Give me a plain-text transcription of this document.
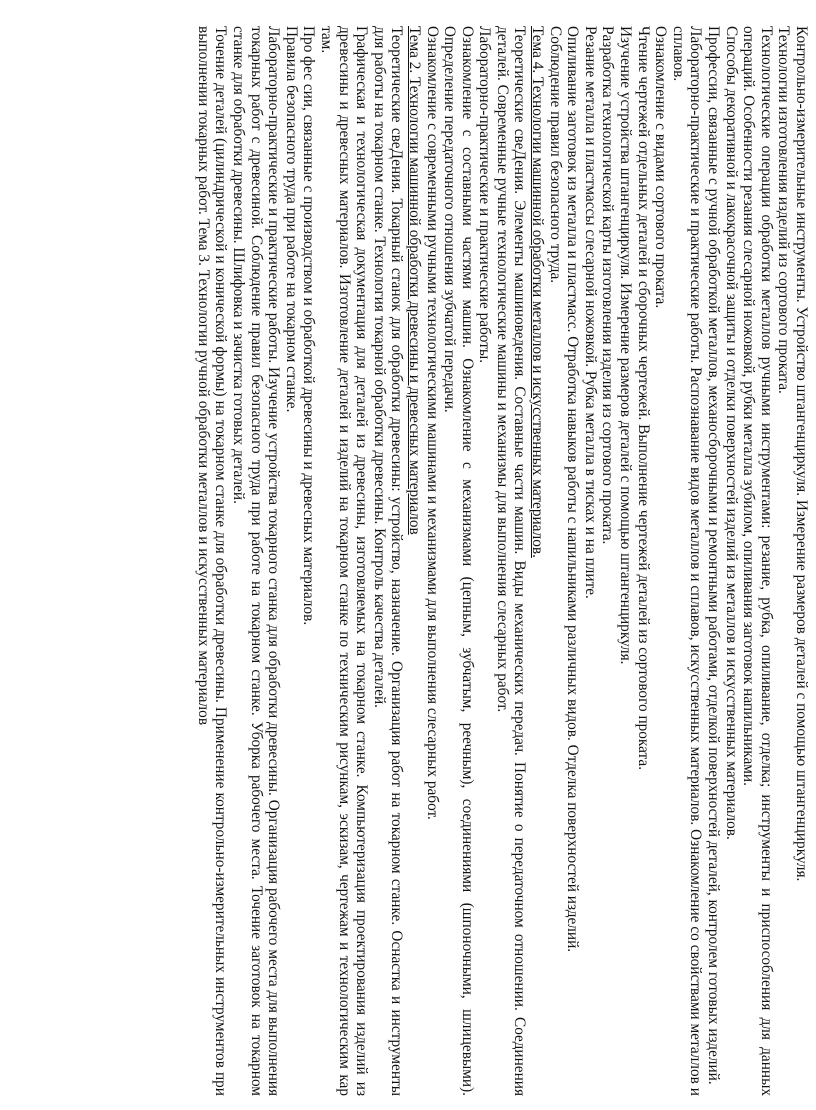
Контрольно-измерительные инструменты. Устройство штангенциркуля. Измерение размеров деталей с помощью штангенциркуля.

Технологии изготовления изделий из сортового проката.

Технологические операции обработки металлов ручными инструментами: резание, рубка, опиливание, отделка; инструменты и приспособления для данных операций. Особенности резания слесарной ножовкой, рубки металла зубилом, опиливания заготовок напильниками.

Способы декоративной и лакокрасочной защиты и отделки поверхностей изделий из металлов и искусственных материалов.

Профессии, связанные с ручной обработкой металлов, механосборочными и ремонтными работами, отделкой поверхностей деталей, контролем готовых изделий.

Лабораторно-практические и практические работы. Распознавание видов металлов и сплавов, искусственных материалов. Ознакомление со свойствами металлов и сплавов.

Ознакомление с видами сортового проката.

Чтение чертежей отдельных деталей и сборочных чертежей. Выполнение чертежей деталей из сортового проката.

Изучение устройства штангенциркуля. Измерение размеров деталей с помощью штангенциркуля.

Разработка технологической карты изготовления изделия из сортового проката.

Резание металла и пластмассы слесарной ножовкой. Рубка металла в тисках и на плите.

Опиливание заготовок из металла и пластмасс. Отработка навыков работы с напильниками различных видов. Отделка поверхностей изделий.

Соблюдение правил безопасного труда.

Тема 4. Технологии машинной обработки металлов и искусственных материалов.

Теоретические свеДения. Элементы машиноведения. Составные части машин. Виды механических передач. Понятие о передаточном отношении. Соединения деталей. Современные ручные технологические машины и механизмы для выполнения слесарных работ.

Лабораторно-практические и практические работы.

Ознакомление с составными частями машин. Ознакомление с механизмами (цепным, зубчатым, реечным), соединениями (шпоночными, шлицевыми). Определение передаточного отношения зубчатой передачи.

Ознакомление с современными ручными технологическими машинами и механизмами для выполнения слесарных работ.

Тема 2. Технологии машинной обработки древесины и древесных материалов

Теоретические свеДения. Токарный станок для обработки древесины: устройство, назначение. Организация работ на токарном станке. Оснастка и инструменты для работы на токарном станке. Технология токарной обработки древесины. Контроль качества деталей.

Графическая и технологическая документация для деталей из древесины, изготовляемых на токарном станке. Компьютеризация проектирования изделий из древесины и древесных материалов. Изготовление деталей и изделий на токарном станке по техническим рисункам, эскизам, чертежам и технологическим кар там.

Про фес сии, связанные с производством и обработкой древесины и древесных материалов.

Правила безопасного труда при работе на токарном станке.

Лабораторно-практические и практические работы. Изучение устройства токарного станка для обработки древесины. Организация рабочего места для выполнения токарных работ с древесиной. Соблюдение правил безопасного труда при работе на токарном станке. Уборка рабочего места. Точение заготовок на токарном станке для обработки древесины. Шлифовка и зачистка готовых деталей.

Точение деталей (цилиндрической и конической формы) на токарном станке для обработки древесины. Применение контрольно-измерительных инструментов при выполнении токарных работ. Тема 3. Технологии ручной обработки металлов и искусственных материалов
